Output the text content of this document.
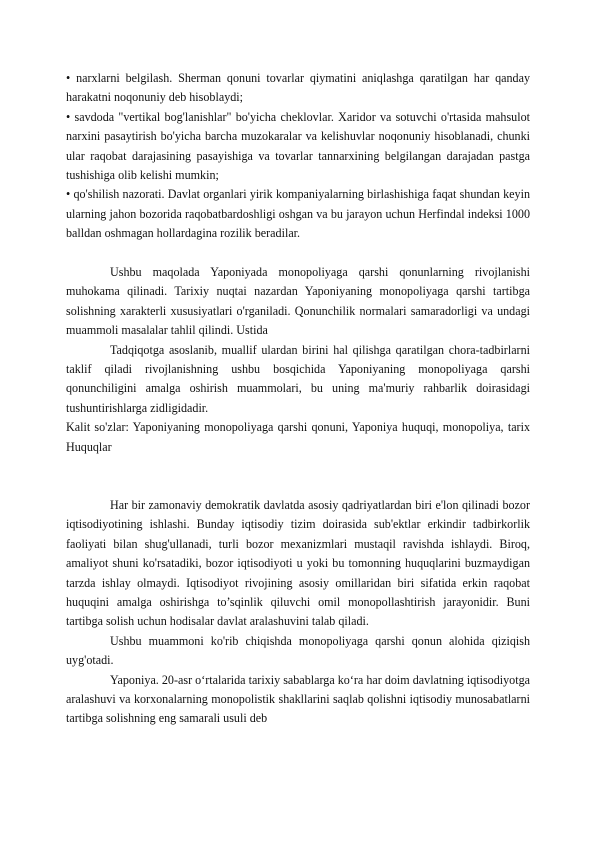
• narxlarni belgilash. Sherman qonuni tovarlar qiymatini aniqlashga qaratilgan har qanday harakatni noqonuniy deb hisoblaydi;

• savdoda "vertikal bog'lanishlar" bo'yicha cheklovlar. Xaridor va sotuvchi o'rtasida mahsulot narxini pasaytirish bo'yicha barcha muzokaralar va kelishuvlar noqonuniy hisoblanadi, chunki ular raqobat darajasining pasayishiga va tovarlar tannarxining belgilangan darajadan pastga tushishiga olib kelishi mumkin;

• qo'shilish nazorati. Davlat organlari yirik kompaniyalarning birlashishiga faqat shundan keyin ularning jahon bozorida raqobatbardoshligi oshgan va bu jarayon uchun Herfindal indeksi 1000 balldan oshmagan hollardagina rozilik beradilar.

Ushbu maqolada Yaponiyada monopoliyaga qarshi qonunlarning rivojlanishi muhokama qilinadi. Tarixiy nuqtai nazardan Yaponiyaning monopoliyaga qarshi tartibga solishning xarakterli xususiyatlari o'rganiladi. Qonunchilik normalari samaradorligi va undagi muammoli masalalar tahlil qilindi. Ustida

Tadqiqotga asoslanib, muallif ulardan birini hal qilishga qaratilgan chora-tadbirlarni taklif qiladi rivojlanishning ushbu bosqichida Yaponiyaning monopoliyaga qarshi qonunchiligini amalga oshirish muammolari, bu uning ma'muriy rahbarlik doirasidagi tushuntirishlarga zidligidadir.

Kalit so'zlar: Yaponiyaning monopoliyaga qarshi qonuni, Yaponiya huquqi, monopoliya, tarix Huquqlar

Har bir zamonaviy demokratik davlatda asosiy qadriyatlardan biri e'lon qilinadi bozor iqtisodiyotining ishlashi. Bunday iqtisodiy tizim doirasida sub'ektlar erkindir tadbirkorlik faoliyati bilan shug'ullanadi, turli bozor mexanizmlari mustaqil ravishda ishlaydi. Biroq, amaliyot shuni ko'rsatadiki, bozor iqtisodiyoti u yoki bu tomonning huquqlarini buzmaydigan tarzda ishlay olmaydi. Iqtisodiyot rivojining asosiy omillaridan biri sifatida erkin raqobat huquqini amalga oshirishga to’sqinlik qiluvchi omil monopollashtirish jarayonidir. Buni tartibga solish uchun hodisalar davlat aralashuvini talab qiladi.

Ushbu muammoni ko'rib chiqishda monopoliyaga qarshi qonun alohida qiziqish uyg'otadi.

Yaponiya. 20-asr o‘rtalarida tarixiy sabablarga ko‘ra har doim davlatning iqtisodiyotga aralashuvi va korxonalarning monopolistik shakllarini saqlab qolishni iqtisodiy munosabatlarni tartibga solishning eng samarali usuli deb
